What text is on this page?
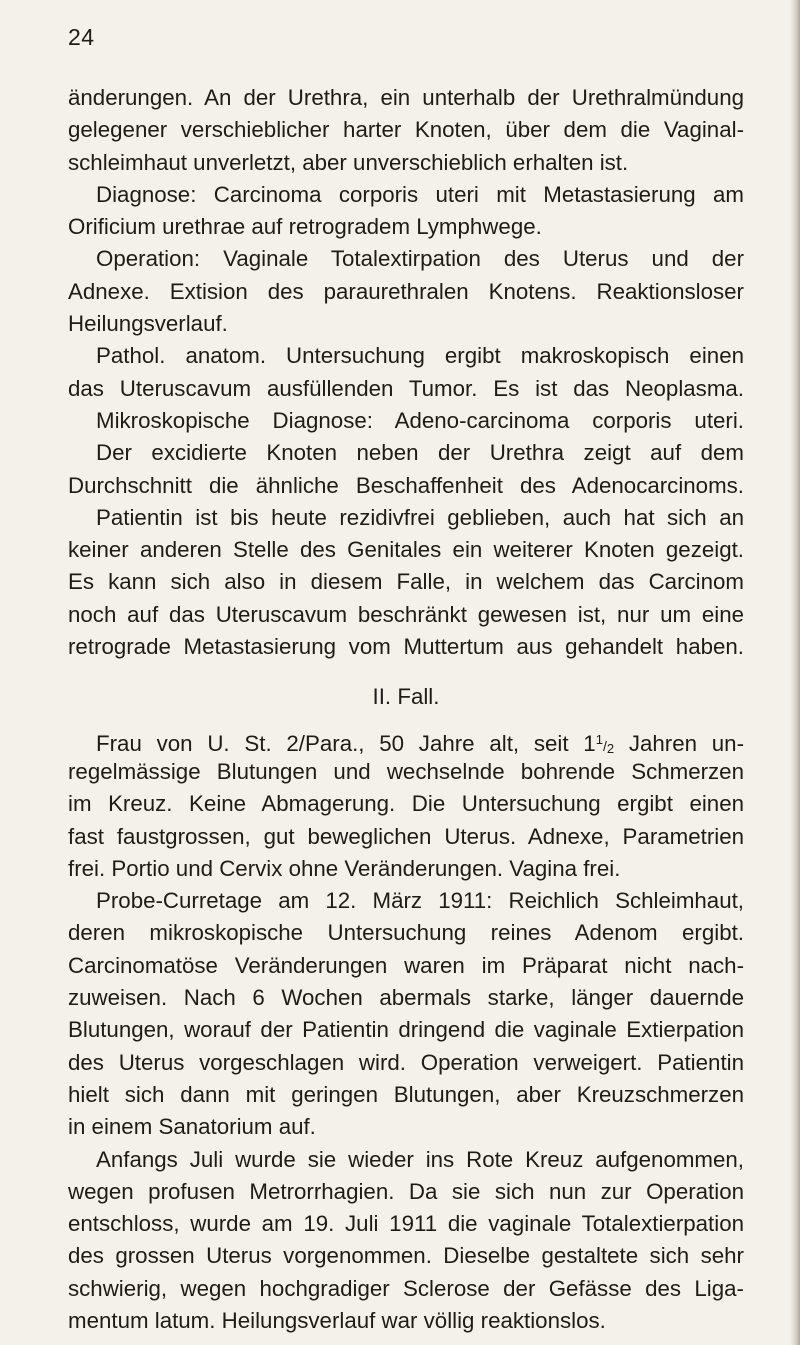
24
änderungen. An der Urethra, ein unterhalb der Urethralmündung
gelegener verschieblicher harter Knoten, über dem die Vaginal-
schleimhaut unverletzt, aber unverschieblich erhalten ist.
Diagnose: Carcinoma corporis uteri mit Metastasierung am
Orificium urethrae auf retrogradem Lymphwege.
Operation: Vaginale Totalextirpation des Uterus und der
Adnexe. Extision des paraurethralen Knotens. Reaktionsloser
Heilungsverlauf.
Pathol. anatom. Untersuchung ergibt makroskopisch einen
das Uteruscavum ausfüllenden Tumor. Es ist das Neoplasma.
Mikroskopische Diagnose: Adeno-carcinoma corporis uteri.
Der excidierte Knoten neben der Urethra zeigt auf dem
Durchschnitt die ähnliche Beschaffenheit des Adenocarcinoms.
Patientin ist bis heute rezidivfrei geblieben, auch hat sich an
keiner anderen Stelle des Genitales ein weiterer Knoten gezeigt.
Es kann sich also in diesem Falle, in welchem das Carcinom
noch auf das Uteruscavum beschränkt gewesen ist, nur um eine
retrograde Metastasierung vom Muttertum aus gehandelt haben.
II. Fall.
Frau von U. St. 2/Para., 50 Jahre alt, seit 11/2 Jahren un-
regelmässige Blutungen und wechselnde bohrende Schmerzen
im Kreuz. Keine Abmagerung. Die Untersuchung ergibt einen
fast faustgrossen, gut beweglichen Uterus. Adnexe, Parametrien
frei. Portio und Cervix ohne Veränderungen. Vagina frei.
Probe-Curretage am 12. März 1911: Reichlich Schleimhaut,
deren mikroskopische Untersuchung reines Adenom ergibt.
Carcinomatöse Veränderungen waren im Präparat nicht nach-
zuweisen. Nach 6 Wochen abermals starke, länger dauernde
Blutungen, worauf der Patientin dringend die vaginale Extierpation
des Uterus vorgeschlagen wird. Operation verweigert. Patientin
hielt sich dann mit geringen Blutungen, aber Kreuzschmerzen
in einem Sanatorium auf.
Anfangs Juli wurde sie wieder ins Rote Kreuz aufgenommen,
wegen profusen Metrorrhagien. Da sie sich nun zur Operation
entschloss, wurde am 19. Juli 1911 die vaginale Totalextierpation
des grossen Uterus vorgenommen. Dieselbe gestaltete sich sehr
schwierig, wegen hochgradiger Sclerose der Gefässe des Liga-
mentum latum. Heilungsverlauf war völlig reaktionslos.
